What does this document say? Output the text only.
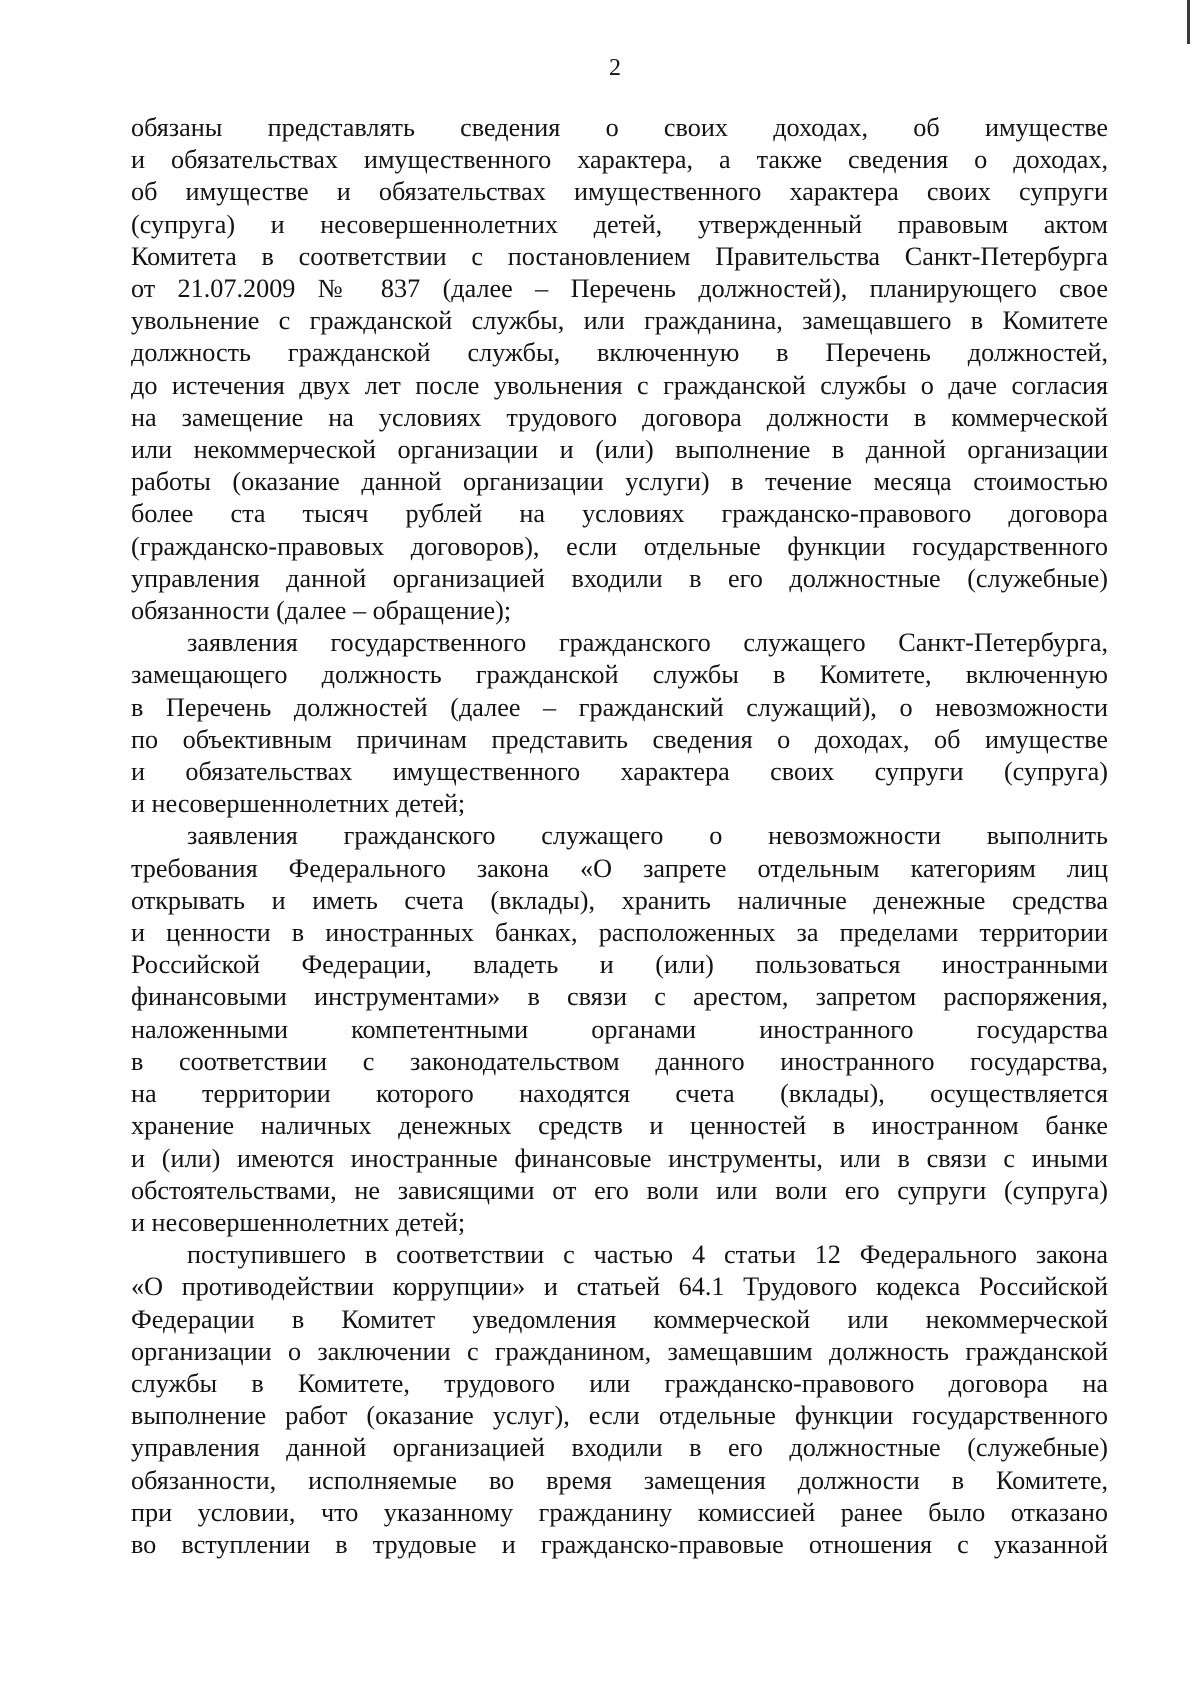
2
обязаны представлять сведения о своих доходах, об имуществе
и обязательствах имущественного характера, а также сведения о доходах,
об имуществе и обязательствах имущественного характера своих супруги
(супруга) и несовершеннолетних детей, утвержденный правовым актом
Комитета в соответствии с постановлением Правительства Санкт-Петербурга
от 21.07.2009 № 837 (далее – Перечень должностей), планирующего свое
увольнение с гражданской службы, или гражданина, замещавшего в Комитете
должность гражданской службы, включенную в Перечень должностей,
до истечения двух лет после увольнения с гражданской службы о даче согласия
на замещение на условиях трудового договора должности в коммерческой
или некоммерческой организации и (или) выполнение в данной организации
работы (оказание данной организации услуги) в течение месяца стоимостью
более ста тысяч рублей на условиях гражданско-правового договора
(гражданско-правовых договоров), если отдельные функции государственного
управления данной организацией входили в его должностные (служебные)
обязанности (далее – обращение);
заявления государственного гражданского служащего Санкт-Петербурга,
замещающего должность гражданской службы в Комитете, включенную
в Перечень должностей (далее – гражданский служащий), о невозможности
по объективным причинам представить сведения о доходах, об имуществе
и обязательствах имущественного характера своих супруги (супруга)
и несовершеннолетних детей;
заявления гражданского служащего о невозможности выполнить
требования Федерального закона «О запрете отдельным категориям лиц
открывать и иметь счета (вклады), хранить наличные денежные средства
и ценности в иностранных банках, расположенных за пределами территории
Российской Федерации, владеть и (или) пользоваться иностранными
финансовыми инструментами» в связи с арестом, запретом распоряжения,
наложенными компетентными органами иностранного государства
в соответствии с законодательством данного иностранного государства,
на территории которого находятся счета (вклады), осуществляется
хранение наличных денежных средств и ценностей в иностранном банке
и (или) имеются иностранные финансовые инструменты, или в связи с иными
обстоятельствами, не зависящими от его воли или воли его супруги (супруга)
и несовершеннолетних детей;
поступившего в соответствии с частью 4 статьи 12 Федерального закона
«О противодействии коррупции» и статьей 64.1 Трудового кодекса Российской
Федерации в Комитет уведомления коммерческой или некоммерческой
организации о заключении с гражданином, замещавшим должность гражданской
службы в Комитете, трудового или гражданско-правового договора на
выполнение работ (оказание услуг), если отдельные функции государственного
управления данной организацией входили в его должностные (служебные)
обязанности, исполняемые во время замещения должности в Комитете,
при условии, что указанному гражданину комиссией ранее было отказано
во вступлении в трудовые и гражданско-правовые отношения с указанной
